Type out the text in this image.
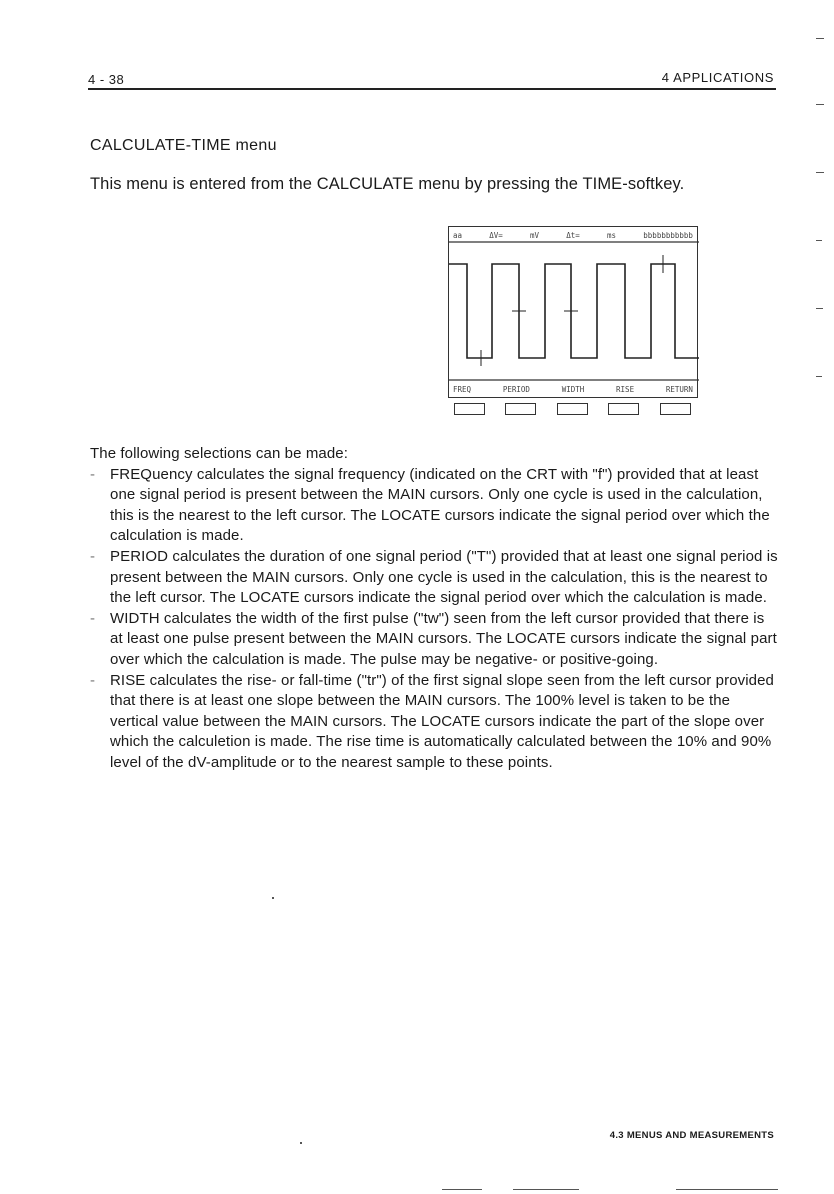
4 - 38	4 APPLICATIONS
CALCULATE-TIME menu
This menu is entered from the CALCULATE menu by pressing the TIME-softkey.
aa	ΔV=	mV	Δt=	ms	bbbbbbbbbbb
FREQ	PERIOD	WIDTH	RISE	RETURN

The following selections can be made:

- FREQuency calculates the signal frequency (indicated on the CRT with "f") provided that at least one signal period is present between the MAIN cursors. Only one cycle is used in the calculation, this is the nearest to the left cursor. The LOCATE cursors indicate the signal period over which the calculation is made.
- PERIOD calculates the duration of one signal period ("T") provided that at least one signal period is present between the MAIN cursors. Only one cycle is used in the calculation, this is the nearest to the left cursor. The LOCATE cursors indicate the signal period over which the calculation is made.
- WIDTH calculates the width of the first pulse ("tw") seen from the left cursor provided that there is at least one pulse present between the MAIN cursors. The LOCATE cursors indicate the signal part over which the calculation is made. The pulse may be negative- or positive-going.
- RISE calculates the rise- or fall-time ("tr") of the first signal slope seen from the left cursor provided that there is at least one slope between the MAIN cursors. The 100% level is taken to be the vertical value between the MAIN cursors. The LOCATE cursors indicate the part of the slope over which the calculetion is made. The rise time is automatically calculated between the 10% and 90% level of the dV-amplitude or to the nearest sample to these points.
4.3 MENUS AND MEASUREMENTS
